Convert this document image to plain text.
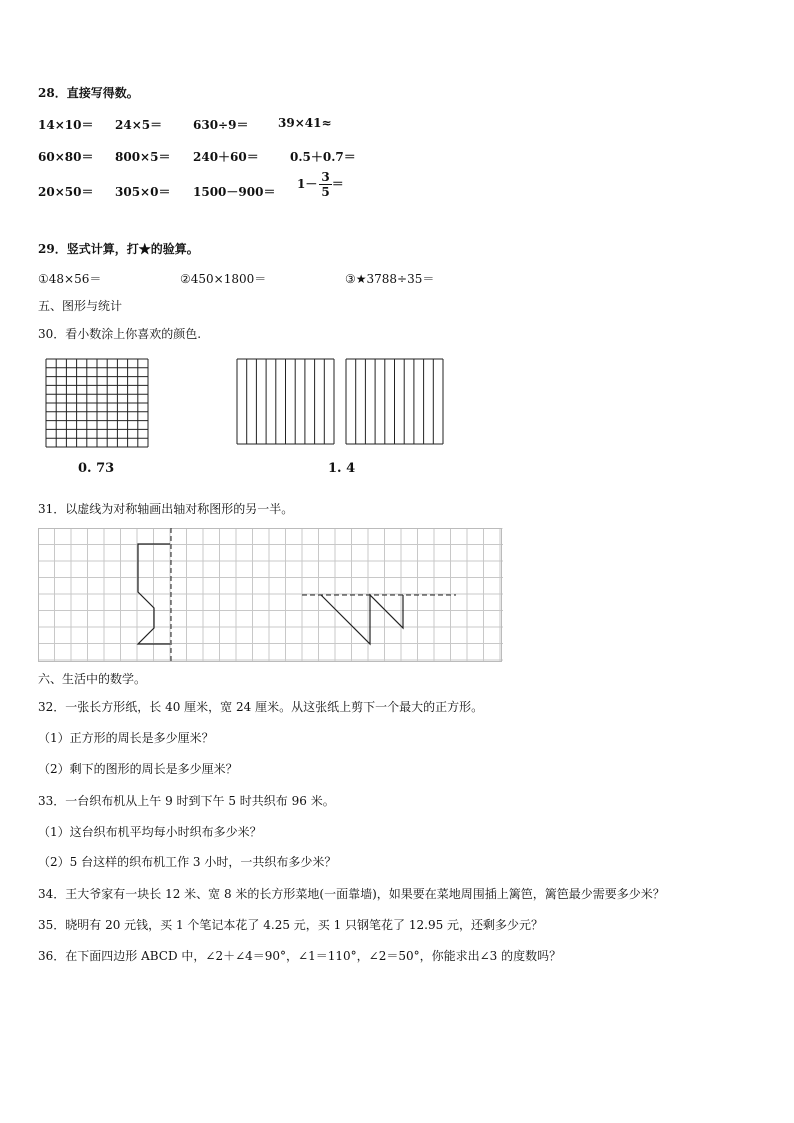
28．直接写得数。
14×10＝ 24×5＝	630÷9＝ 39×41≈
60×80＝ 800×5＝ 240＋60＝	0.5＋0.7＝
20×50＝ 305×0＝ 1500－900＝
$1- \frac{3}{5}$ ＝
29．竖式计算，打★的验算。
①48×56＝	②450×1800＝	③★3788÷35＝
五、图形与统计
30．看小数涂上你喜欢的颜色.
0. 73	1. 4
31．以虚线为对称轴画出轴对称图形的另一半。
六、生活中的数学。
32．一张长方形纸，长 40 厘米，宽 24 厘米。从这张纸上剪下一个最大的正方形。
（1）正方形的周长是多少厘米？
（2）剩下的图形的周长是多少厘米？
33．一台织布机从上午 9 时到下午 5 时共织布 96 米。
（1）这台织布机平均每小时织布多少米？
（2）5 台这样的织布机工作 3 小时，一共织布多少米？
34．王大爷家有一块长 12 米、宽 8 米的长方形菜地(一面靠墙)，如果要在菜地周围插上篱笆，篱笆最少需要多少米？
35．晓明有 20 元钱，买 1 个笔记本花了 4.25 元，买 1 只钢笔花了 12.95 元，还剩多少元？
36．在下面四边形 ABCD 中，∠2＋∠4＝90°，∠1＝110°，∠2＝50°，你能求出∠3 的度数吗？
